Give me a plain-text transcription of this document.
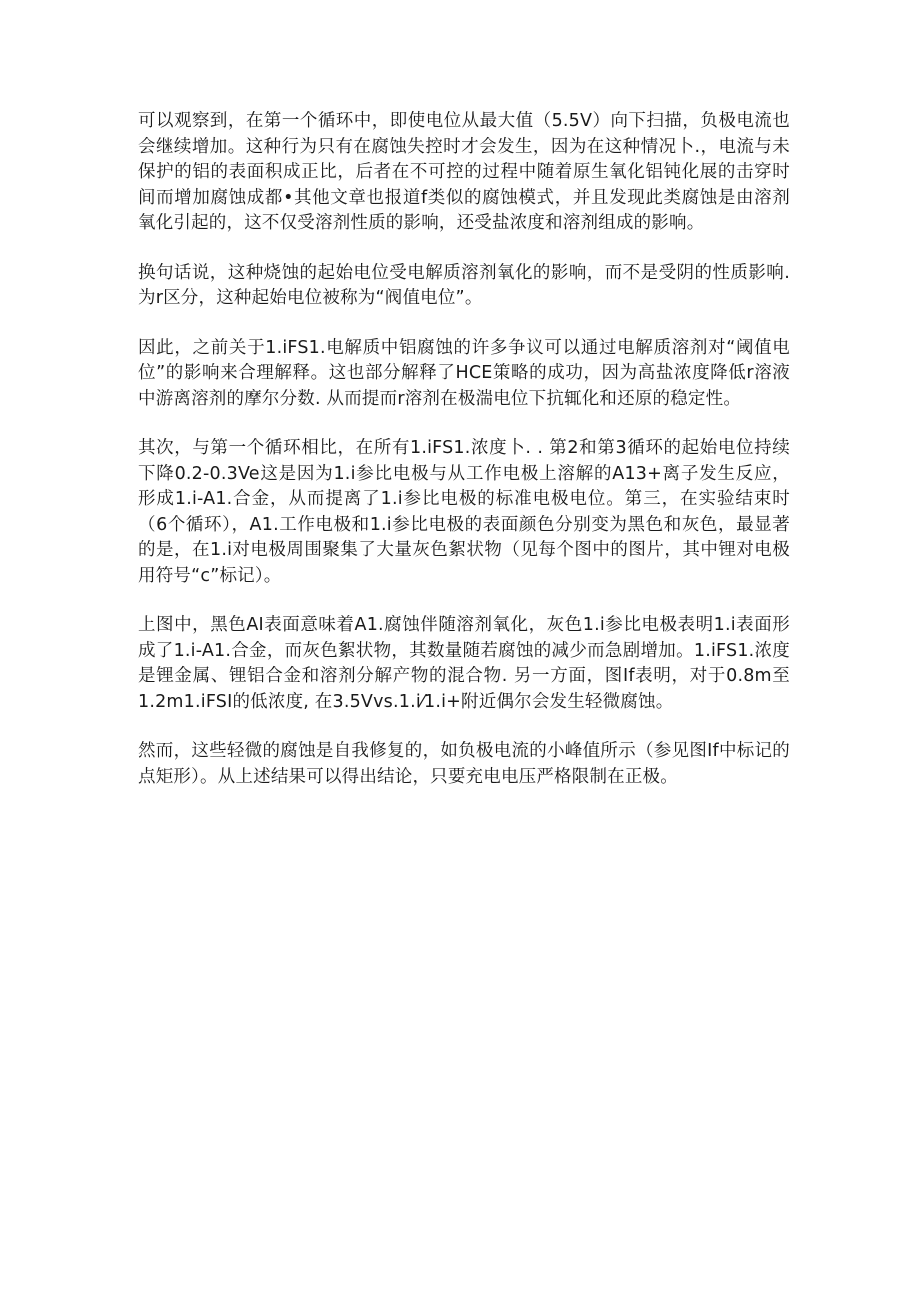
可以观察到，在第一个循环中，即使电位从最大值（5.5V）向下扫描，负极电流也会继续增加。这种行为只有在腐蚀失控时才会发生，因为在这种情况卜.，电流与未保护的铝的表面积成正比，后者在不可控的过程中随着原生氧化铝钝化展的击穿时间而增加腐蚀成都•其他文章也报道f类似的腐蚀模式，并且发现此类腐蚀是由溶剂氧化引起的，这不仅受溶剂性质的影响，还受盐浓度和溶剂组成的影响。

换句话说，这种烧蚀的起始电位受电解质溶剂氧化的影响，而不是受阴的性质影响. 为r区分，这种起始电位被称为“阀值电位”。

因此，之前关于1.iFS1.电解质中铝腐蚀的许多争议可以通过电解质溶剂对“阈值电位”的影响来合理解释。这也部分解释了HCE策略的成功，因为高盐浓度降低r溶液中游离溶剂的摩尔分数. 从而提而r溶剂在极湍电位下抗辄化和还原的稳定性。

其次，与第一个循环相比，在所有1.iFS1.浓度卜. . 第2和第3循环的起始电位持续下降0.2-0.3Ve这是因为1.i参比电极与从工作电极上溶解的A13+离子发生反应，形成1.i-A1.合金，从而提离了1.i参比电极的标准电极电位。第三，在实验结束时（6个循环），A1.工作电极和1.i参比电极的表面颜色分别变为黑色和灰色，最显著的是，在1.i对电极周围聚集了大量灰色絮状物（见每个图中的图片，其中锂对电极用符号“c”标记）。

上图中，黑色AI表面意味着A1.腐蚀伴随溶剂氧化，灰色1.i参比电极表明1.i表面形成了1.i-A1.合金，而灰色絮状物，其数量随若腐蚀的减少而急剧增加。1.iFS1.浓度是锂金属、锂铝合金和溶剂分解产物的混合物. 另一方面，图If表明，对于0.8m至1.2m1.iFSI的低浓度, 在3.5Vvs.1.i⁄1.i+附近偶尔会发生轻微腐蚀。

然而，这些轻微的腐蚀是自我修复的，如负极电流的小峰值所示（参见图If中标记的点矩形）。从上述结果可以得出结论，只要充电电压严格限制在正极。
